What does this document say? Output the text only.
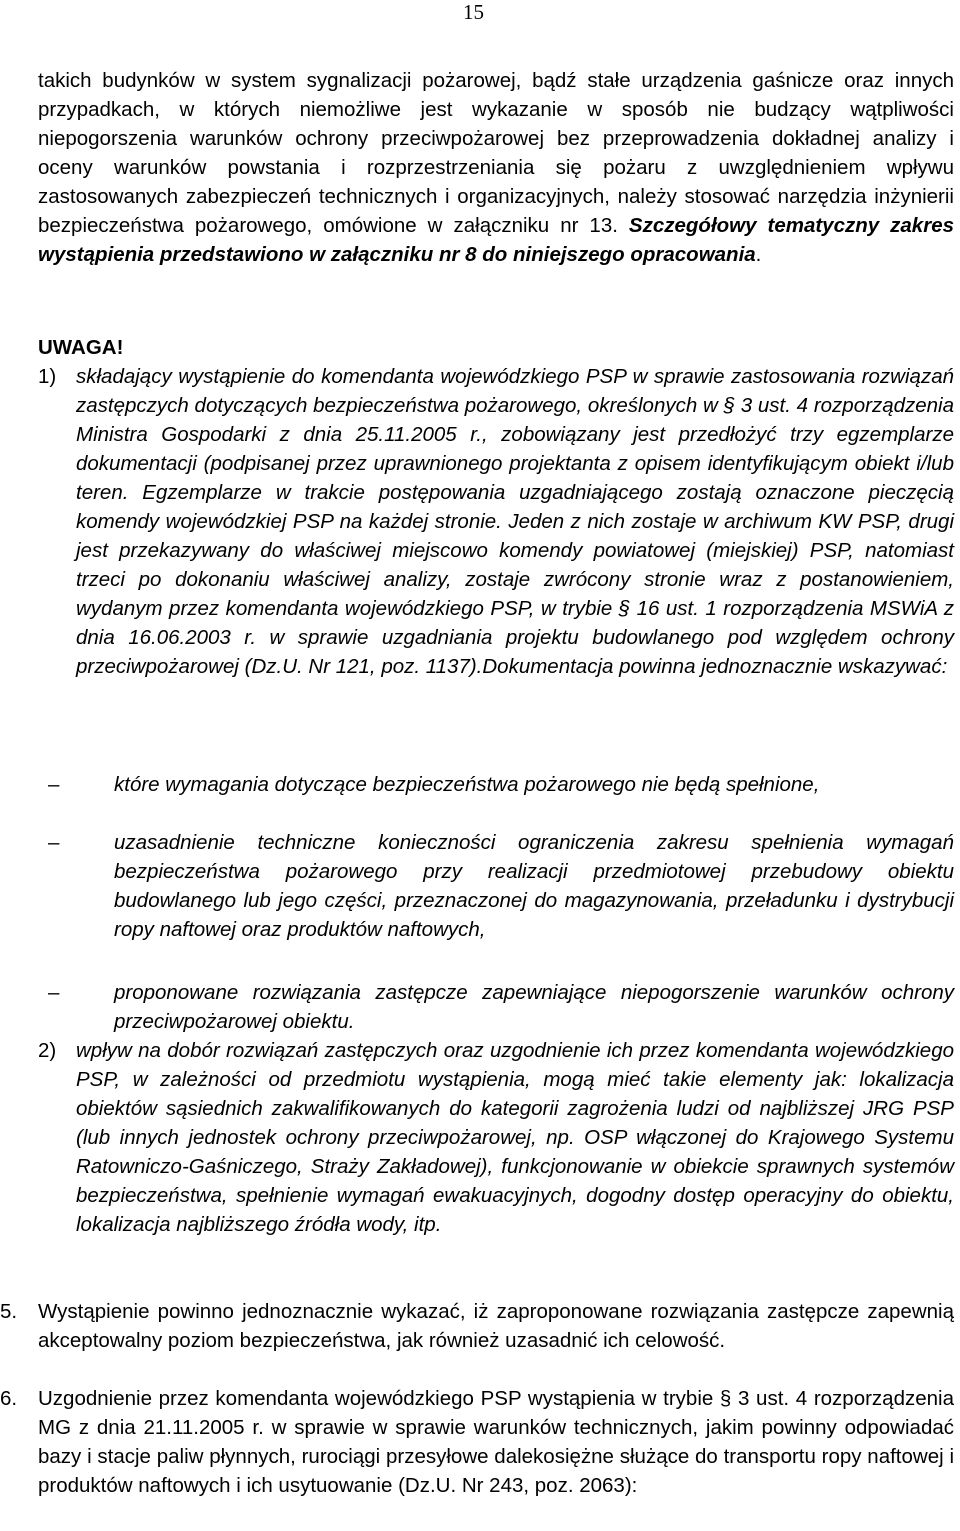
15

takich budynków w system sygnalizacji pożarowej, bądź stałe urządzenia gaśnicze oraz innych przypadkach, w których niemożliwe jest wykazanie w sposób nie budzący wątpliwości niepogorszenia warunków ochrony przeciwpożarowej bez przeprowadzenia dokładnej analizy i oceny warunków powstania i rozprzestrzeniania się pożaru z uwzględnieniem wpływu zastosowanych zabezpieczeń technicznych i organizacyjnych, należy stosować narzędzia inżynierii bezpieczeństwa pożarowego, omówione w załączniku nr 13. Szczegółowy tematyczny zakres wystąpienia przedstawiono w załączniku nr 8 do niniejszego opracowania.

UWAGA!
1) składający wystąpienie do komendanta wojewódzkiego PSP w sprawie zastosowania rozwiązań zastępczych dotyczących bezpieczeństwa pożarowego, określonych w § 3 ust. 4 rozporządzenia Ministra Gospodarki z dnia 25.11.2005 r., zobowiązany jest przedłożyć trzy egzemplarze dokumentacji (podpisanej przez uprawnionego projektanta z opisem identyfikującym obiekt i/lub teren. Egzemplarze w trakcie postępowania uzgadniającego zostają oznaczone pieczęcią komendy wojewódzkiej PSP na każdej stronie. Jeden z nich zostaje w archiwum KW PSP, drugi jest przekazywany do właściwej miejscowo komendy powiatowej (miejskiej) PSP, natomiast trzeci po dokonaniu właściwej analizy, zostaje zwrócony stronie wraz z postanowieniem, wydanym przez komendanta wojewódzkiego PSP, w trybie § 16 ust. 1 rozporządzenia MSWiA z dnia 16.06.2003 r. w sprawie uzgadniania projektu budowlanego pod względem ochrony przeciwpożarowej (Dz.U. Nr 121, poz. 1137).Dokumentacja powinna jednoznacznie wskazywać:
–	które wymagania dotyczące bezpieczeństwa pożarowego nie będą spełnione,
–	uzasadnienie techniczne konieczności ograniczenia zakresu spełnienia wymagań bezpieczeństwa pożarowego przy realizacji przedmiotowej przebudowy obiektu budowlanego lub jego części, przeznaczonej do magazynowania, przeładunku i dystrybucji ropy naftowej oraz produktów naftowych,
–	proponowane rozwiązania zastępcze zapewniające niepogorszenie warunków ochrony przeciwpożarowej obiektu.
2) wpływ na dobór rozwiązań zastępczych oraz uzgodnienie ich przez komendanta wojewódzkiego PSP, w zależności od przedmiotu wystąpienia, mogą mieć takie elementy jak: lokalizacja obiektów sąsiednich zakwalifikowanych do kategorii zagrożenia ludzi od najbliższej JRG PSP (lub innych jednostek ochrony przeciwpożarowej, np. OSP włączonej do Krajowego Systemu Ratowniczo-Gaśniczego, Straży Zakładowej), funkcjonowanie w obiekcie sprawnych systemów bezpieczeństwa, spełnienie wymagań ewakuacyjnych, dogodny dostęp operacyjny do obiektu, lokalizacja najbliższego źródła wody, itp.
5. Wystąpienie powinno jednoznacznie wykazać, iż zaproponowane rozwiązania zastępcze zapewnią akceptowalny poziom bezpieczeństwa, jak również uzasadnić ich celowość.
6. Uzgodnienie przez komendanta wojewódzkiego PSP wystąpienia w trybie § 3 ust. 4 rozporządzenia MG z dnia 21.11.2005 r. w sprawie w sprawie warunków technicznych, jakim powinny odpowiadać bazy i stacje paliw płynnych, rurociągi przesyłowe dalekosiężne służące do transportu ropy naftowej i produktów naftowych i ich usytuowanie (Dz.U. Nr 243, poz. 2063):
